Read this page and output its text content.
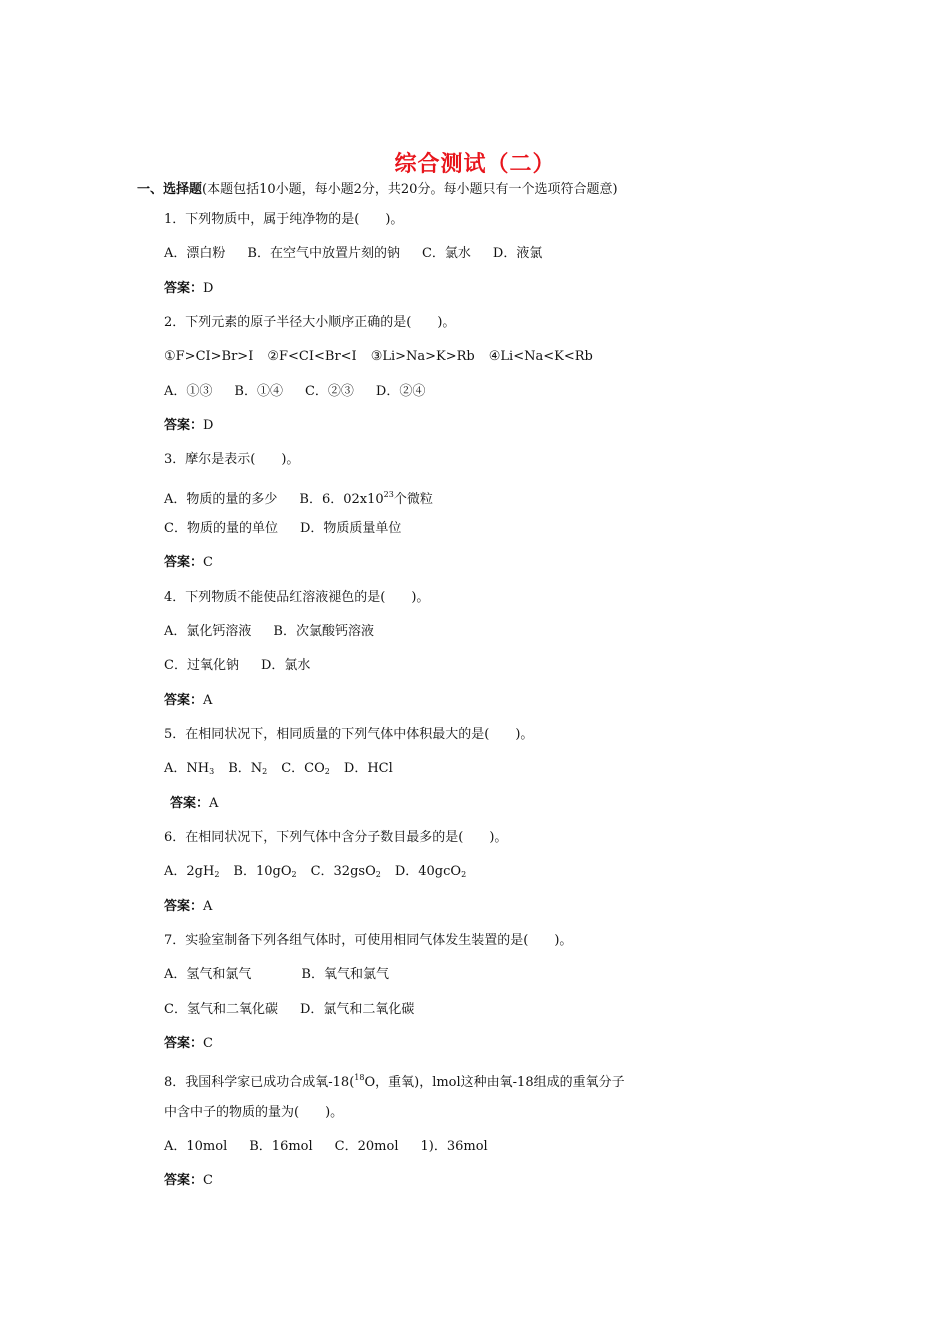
综合测试（二）
一、选择题(本题包括10小题，每小题2分，共20分。每小题只有一个选项符合题意)
1．下列物质中，属于纯净物的是(　　)。
A．漂白粉 B．在空气中放置片刻的钠 C．氯水 D．液氯
答案：D
2．下列元素的原子半径大小顺序正确的是(　　)。
①F>CI>Br>I ②F<CI<Br<I ③Li>Na>K>Rb ④Li<Na<K<Rb
A．①③ B．①④ C．②③ D．②④
答案：D
3．摩尔是表示(　　)。
A．物质的量的多少 B．6．$02x10^{23}$个微粒
C．物质的量的单位 D．物质质量单位
答案：C
4．下列物质不能使品红溶液褪色的是(　　)。
A．氯化钙溶液 B．次氯酸钙溶液
C．过氧化钠 D．氯水
答案：A
5．在相同状况下，相同质量的下列气体中体积最大的是(　　)。
A．$NH_3$ B．$N_2$ C．$CO_2$ D．HCl
答案：A
6．在相同状况下，下列气体中含分子数目最多的是(　　)。
A．$2gH_2$ B．$10gO_2$ C．32gsO$_2$ D．40gcO$_2$
答案：A
7．实验室制备下列各组气体时，可使用相同气体发生装置的是(　　)。
A．氢气和氯气	B．氧气和氯气
C．氢气和二氧化碳 D．氯气和二氧化碳
答案：C
8．我国科学家已成功合成氧-18($^{18}$O，重氧)，lmol这种由氧-18组成的重氧分子
中含中子的物质的量为(　　)。
A．10mol B．16mol C．20mol 1)．36mol
答案：C
